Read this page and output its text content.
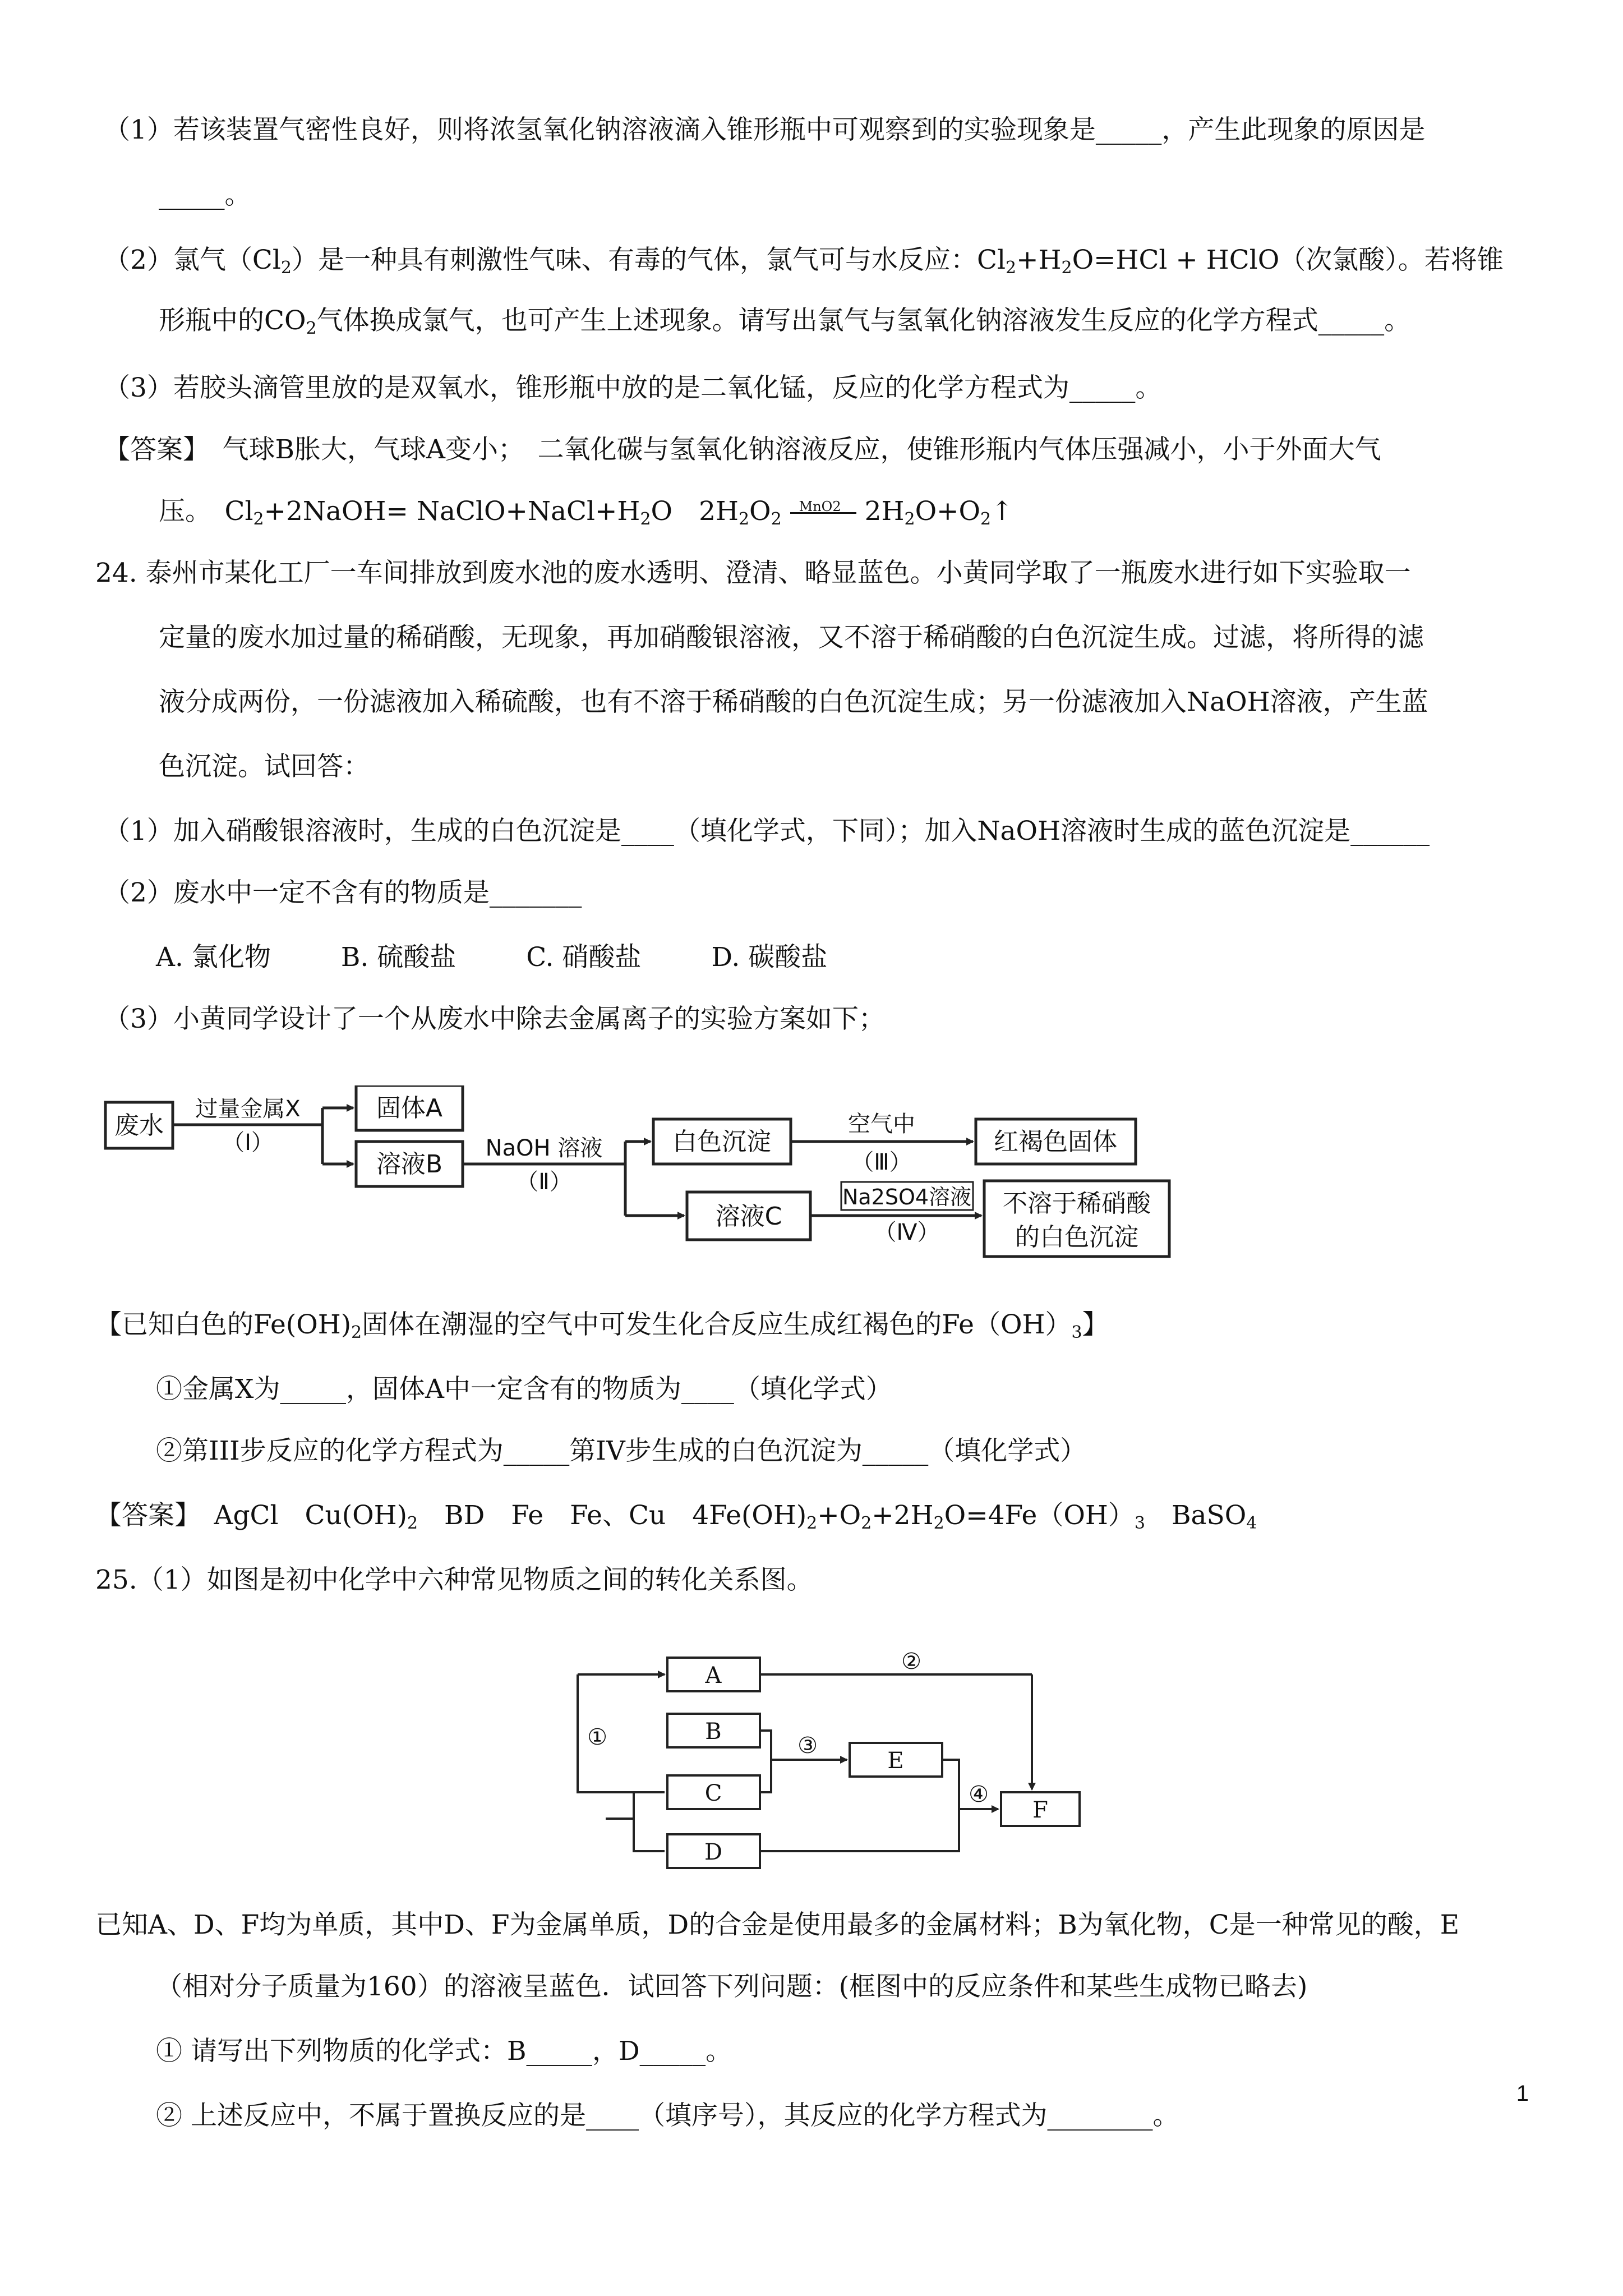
（1）若该装置气密性良好，则将浓氢氧化钠溶液滴入锥形瓶中可观察到的实验现象是_____，产生此现象的原因是
_____。
（2）氯气$(Cl_2)$是一种具有刺激性气味、有毒的气体，氯气可与水反应：$Cl_2+H_2O=HCl$ + HClO（次氯酸）。若将锥
形瓶中的$CO_2$气体换成氯气，也可产生上述现象。请写出氯气与氢氧化钠溶液发生反应的化学方程式_____。
（3）若胶头滴管里放的是双氧水，锥形瓶中放的是二氧化锰，反应的化学方程式为_____。
【答案】　 气球B胀大，气球A变小；　二氧化碳与氢氧化钠溶液反应，使锥形瓶内气体压强减小，小于外面大气
压。　$Cl_2+2NaOH=$ $NaClO+NaCl+H_2O$　$2H_2O_2$
MnO2 $2H_2O+O_2↑$
24. 泰州市某化工厂一车间排放到废水池的废水透明、澄清、略显蓝色。小黄同学取了一瓶废水进行如下实验取一
定量的废水加过量的稀硝酸，无现象，再加硝酸银溶液，又不溶于稀硝酸的白色沉淀生成。过滤，将所得的滤
液分成两份，一份滤液加入稀硫酸，也有不溶于稀硝酸的白色沉淀生成；另一份滤液加入NaOH溶液，产生蓝
色沉淀。试回答：
（1）加入硝酸银溶液时，生成的白色沉淀是____（填化学式，下同）；加入NaOH溶液时生成的蓝色沉淀是______
（2）废水中一定不含有的物质是_______
A. 氯化物	B. 硫酸盐	C. 硝酸盐	D. 碳酸盐
（3）小黄同学设计了一个从废水中除去金属离子的实验方案如下；
废水
过量金属X
（Ⅰ）
固体A
溶液B
NaOH 溶液
（Ⅱ）
白色沉淀
空气中
（Ⅲ）
红褐色固体
溶液C
Na2SO4溶液
（Ⅳ）
不溶于稀硝酸
的白色沉淀
【已知白色的$Fe(OH)_2$固体在潮湿的空气中可发生化合反应生成红褐色的$Fe(OH)_3$】
①金属X为_____，固体A中一定含有的物质为____（填化学式）
②第III步反应的化学方程式为_____第IV步生成的白色沉淀为_____（填化学式）
【答案】　 AgCl　$Cu(OH)_2$　BD　Fe　Fe、Cu　$4Fe(OH)_2+O_2+2H_2O=4Fe(OH)_3$　BaSO$_4$
25.（1）如图是初中化学中六种常见物质之间的转化关系图。
A
B
C
D
E
F
①
②
③
④
已知A、D、F均为单质，其中D、F为金属单质，D的合金是使用最多的金属材料；B为氧化物，C是一种常见的酸，E
（相对分子质量为160）的溶液呈蓝色．试回答下列问题：(框图中的反应条件和某些生成物已略去)
① 请写出下列物质的化学式：B_____，D_____。
② 上述反应中，不属于置换反应的是____（填序号），其反应的化学方程式为________。
1
